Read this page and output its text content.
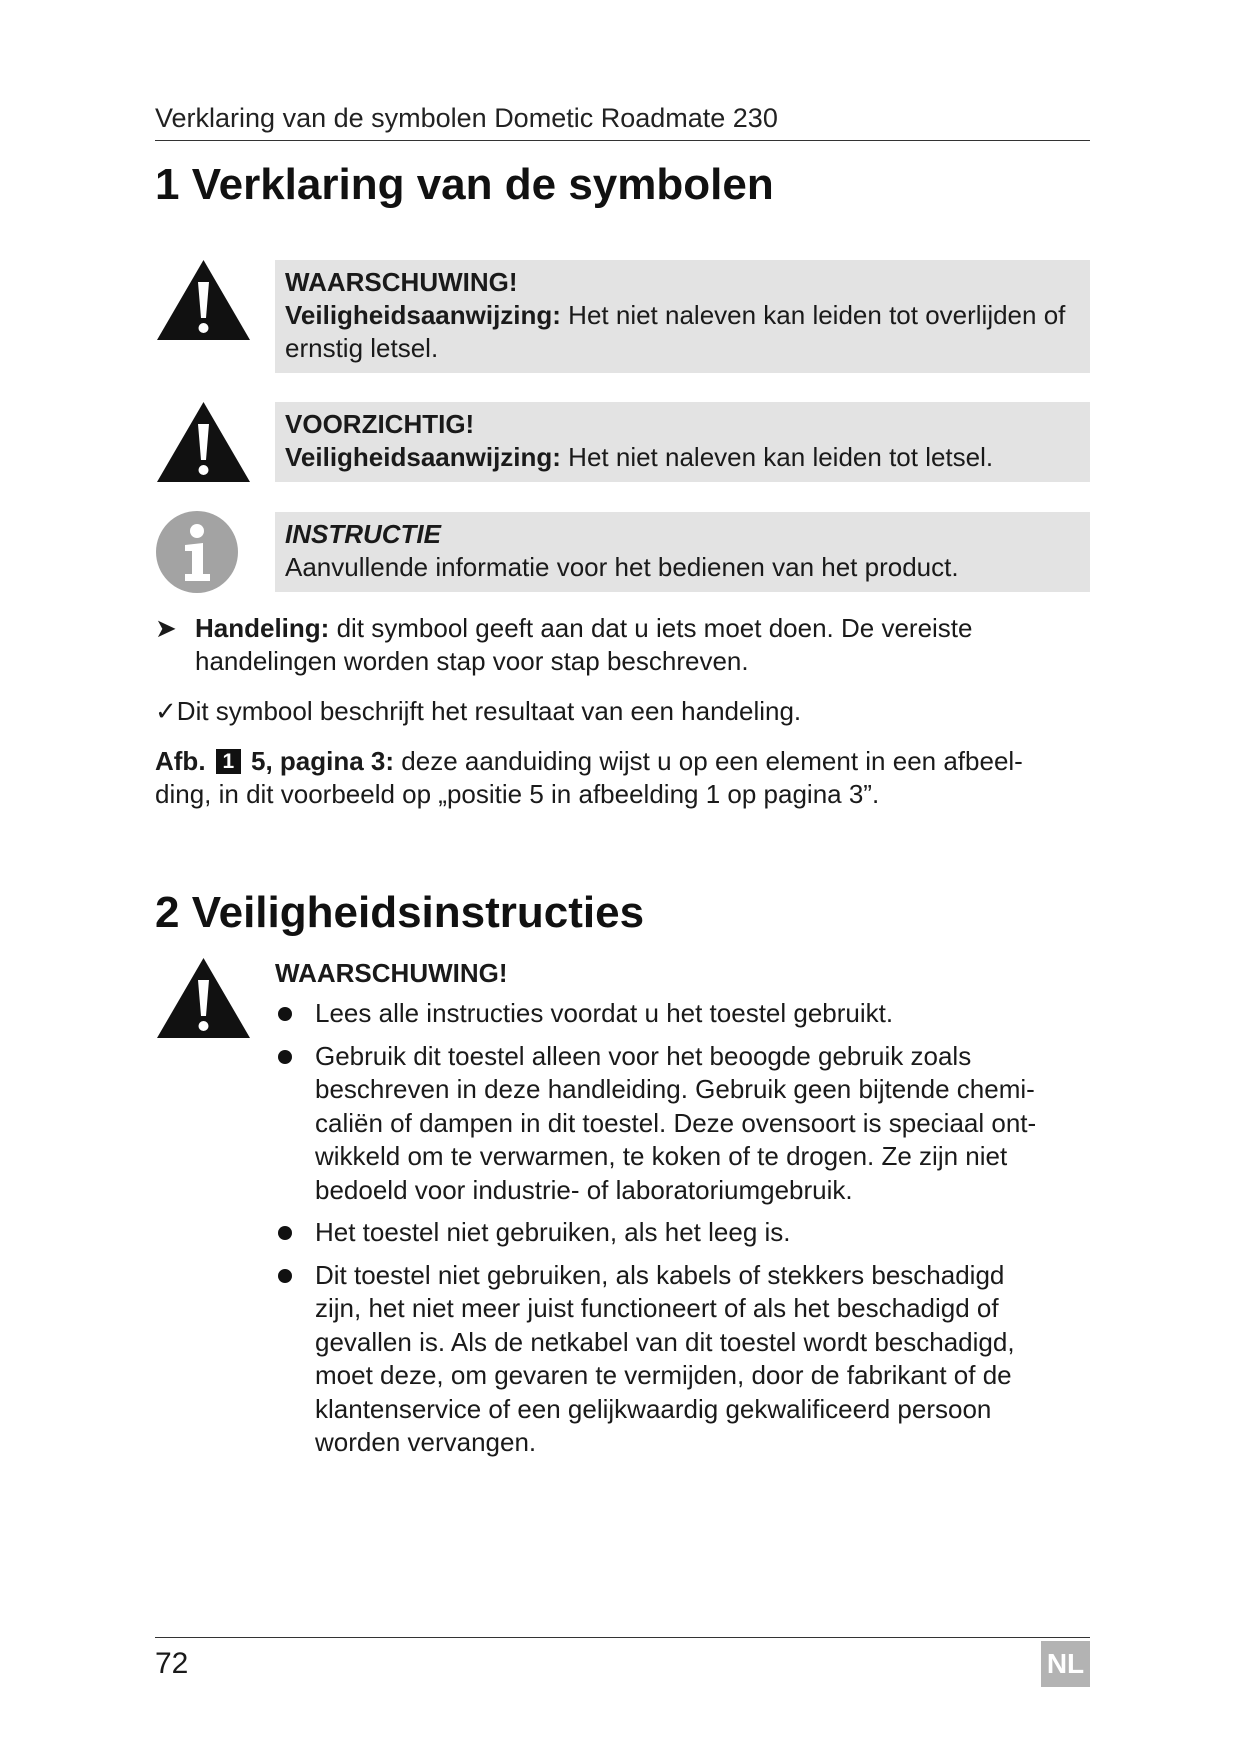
Verklaring van de symbolen Dometic Roadmate 230
1 Verklaring van de symbolen
WAARSCHUWING!
Veiligheidsaanwijzing: Het niet naleven kan leiden tot overlijden of ernstig letsel.
VOORZICHTIG!
Veiligheidsaanwijzing: Het niet naleven kan leiden tot letsel.
INSTRUCTIE
Aanvullende informatie voor het bedienen van het product.
➤ Handeling: dit symbool geeft aan dat u iets moet doen. De vereiste
handelingen worden stap voor stap beschreven.
✓Dit symbool beschrijft het resultaat van een handeling.
Afb. 1 5, pagina 3: deze aanduiding wijst u op een element in een afbeel-
ding, in dit voorbeeld op „positie 5 in afbeelding 1 op pagina 3”.
2 Veiligheidsinstructies
WAARSCHUWING!
Lees alle instructies voordat u het toestel gebruikt.
Gebruik dit toestel alleen voor het beoogde gebruik zoals
beschreven in deze handleiding. Gebruik geen bijtende chemi-
caliën of dampen in dit toestel. Deze ovensoort is speciaal ont-
wikkeld om te verwarmen, te koken of te drogen. Ze zijn niet
bedoeld voor industrie- of laboratoriumgebruik.
Het toestel niet gebruiken, als het leeg is.
Dit toestel niet gebruiken, als kabels of stekkers beschadigd
zijn, het niet meer juist functioneert of als het beschadigd of
gevallen is. Als de netkabel van dit toestel wordt beschadigd,
moet deze, om gevaren te vermijden, door de fabrikant of de
klantenservice of een gelijkwaardig gekwalificeerd persoon
worden vervangen.
72	NL
